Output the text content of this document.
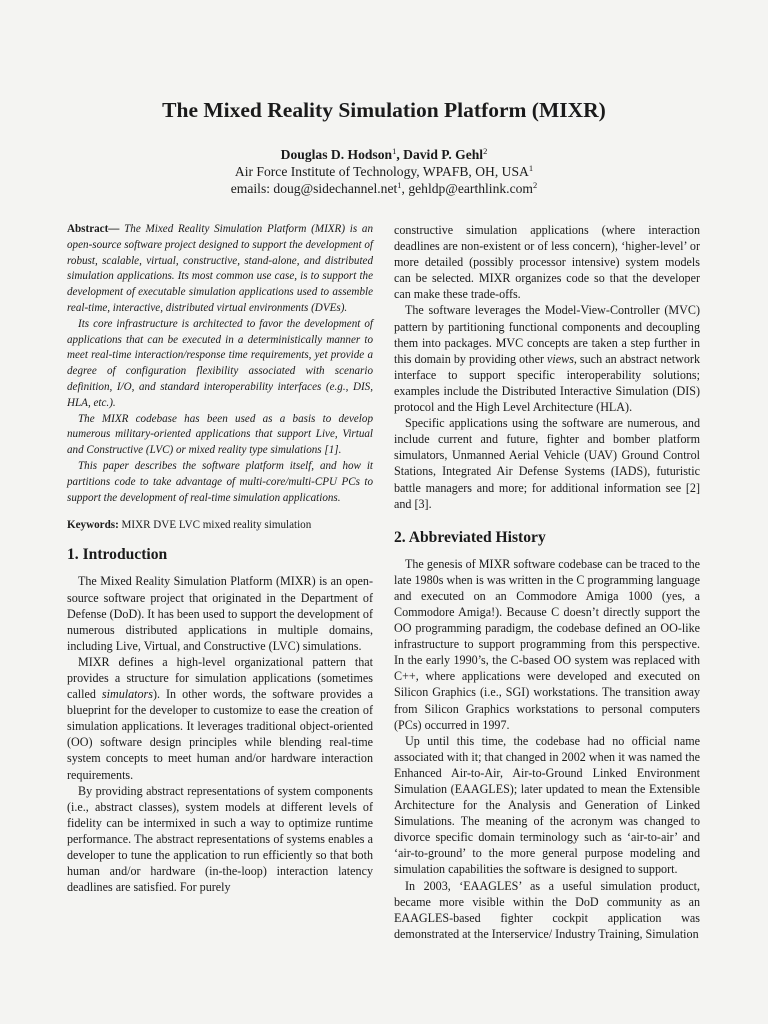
The Mixed Reality Simulation Platform (MIXR)
Douglas D. Hodson$^1$, David P. Gehl$^2$
Air Force Institute of Technology, WPAFB, OH, USA$^1$
emails: doug@sidechannel.net$^1$, gehldp@earthlink.com$^2$

Abstract— The Mixed Reality Simulation Platform (MIXR) is an open-source software project designed to support the development of robust, scalable, virtual, constructive, stand-alone, and distributed simulation applications. Its most common use case, is to support the development of executable simulation applications used to assemble real-time, interactive, distributed virtual environments (DVEs).

Its core infrastructure is architected to favor the development of applications that can be executed in a deterministically manner to meet real-time interaction/response time requirements, yet provide a degree of configuration flexibility associated with scenario definition, I/O, and standard interoperability interfaces (e.g., DIS, HLA, etc.).

The MIXR codebase has been used as a basis to develop numerous military-oriented applications that support Live, Virtual and Constructive (LVC) or mixed reality type simulations [1].

This paper describes the software platform itself, and how it partitions code to take advantage of multi-core/multi-CPU PCs to support the development of real-time simulation applications.

Keywords: MIXR DVE LVC mixed reality simulation
1. Introduction

The Mixed Reality Simulation Platform (MIXR) is an open-source software project that originated in the Department of Defense (DoD). It has been used to support the development of numerous distributed applications in multiple domains, including Live, Virtual, and Constructive (LVC) simulations.

MIXR defines a high-level organizational pattern that provides a structure for simulation applications (sometimes called simulators). In other words, the software provides a blueprint for the developer to customize to ease the creation of simulation applications. It leverages traditional object-oriented (OO) software design principles while blending real-time system concepts to meet human and/or hardware interaction requirements.

By providing abstract representations of system components (i.e., abstract classes), system models at different levels of fidelity can be intermixed in such a way to optimize runtime performance. The abstract representations of systems enables a developer to tune the application to run efficiently so that both human and/or hardware (in-the-loop) interaction latency deadlines are satisfied. For purely

constructive simulation applications (where interaction deadlines are non-existent or of less concern), ‘higher-level’ or more detailed (possibly processor intensive) system models can be selected. MIXR organizes code so that the developer can make these trade-offs.

The software leverages the Model-View-Controller (MVC) pattern by partitioning functional components and decoupling them into packages. MVC concepts are taken a step further in this domain by providing other views, such an abstract network interface to support specific interoperability solutions; examples include the Distributed Interactive Simulation (DIS) protocol and the High Level Architecture (HLA).

Specific applications using the software are numerous, and include current and future, fighter and bomber platform simulators, Unmanned Aerial Vehicle (UAV) Ground Control Stations, Integrated Air Defense Systems (IADS), futuristic battle managers and more; for additional information see [2] and [3].

2. Abbreviated History

The genesis of MIXR software codebase can be traced to the late 1980s when is was written in the C programming language and executed on an Commodore Amiga 1000 (yes, a Commodore Amiga!). Because C doesn’t directly support the OO programming paradigm, the codebase defined an OO-like infrastructure to support programming from this perspective. In the early 1990’s, the C-based OO system was replaced with C++, where applications were developed and executed on Silicon Graphics (i.e., SGI) workstations. The transition away from Silicon Graphics workstations to personal computers (PCs) occurred in 1997.

Up until this time, the codebase had no official name associated with it; that changed in 2002 when it was named the Enhanced Air-to-Air, Air-to-Ground Linked Environment Simulation (EAAGLES); later updated to mean the Extensible Architecture for the Analysis and Generation of Linked Simulations. The meaning of the acronym was changed to divorce specific domain terminology such as ‘air-to-air’ and ‘air-to-ground’ to the more general purpose modeling and simulation capabilities the software is designed to support.

In 2003, ‘EAAGLES’ as a useful simulation product, became more visible within the DoD community as an EAAGLES-based fighter cockpit application was demonstrated at the Interservice/ Industry Training, Simulation
